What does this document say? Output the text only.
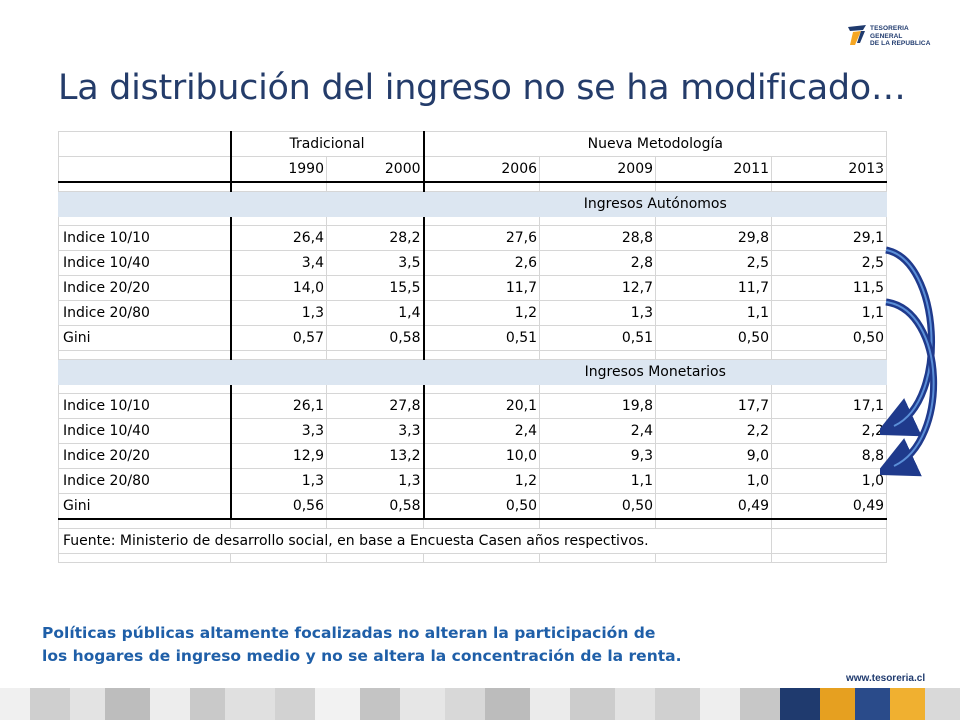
TESORERIA GENERAL
DE LA REPUBLICA
La distribución del ingreso no se ha modificado…
	Tradicional		Nueva Metodología			
	1990	2000	2006	2009	2011	2013

			Ingresos Autónomos			

Indice 10/10	26,4	28,2	27,6	28,8	29,8	29,1
Indice 10/40	3,4	3,5	2,6	2,8	2,5	2,5
Indice 20/20	14,0	15,5	11,7	12,7	11,7	11,5
Indice 20/80	1,3	1,4	1,2	1,3	1,1	1,1
Gini	0,57	0,58	0,51	0,51	0,50	0,50

			Ingresos Monetarios			

Indice 10/10	26,1	27,8	20,1	19,8	17,7	17,1
Indice 10/40	3,3	3,3	2,4	2,4	2,2	2,2
Indice 20/20	12,9	13,2	10,0	9,3	9,0	8,8
Indice 20/80	1,3	1,3	1,2	1,1	1,0	1,0
Gini	0,56	0,58	0,50	0,50	0,49	0,49

Fuente: Ministerio de desarrollo social, en base a Encuesta Casen años respectivos.						

Políticas públicas altamente focalizadas no alteran la participación de
los hogares de ingreso medio y no se altera la concentración de la renta.
www.tesoreria.cl
